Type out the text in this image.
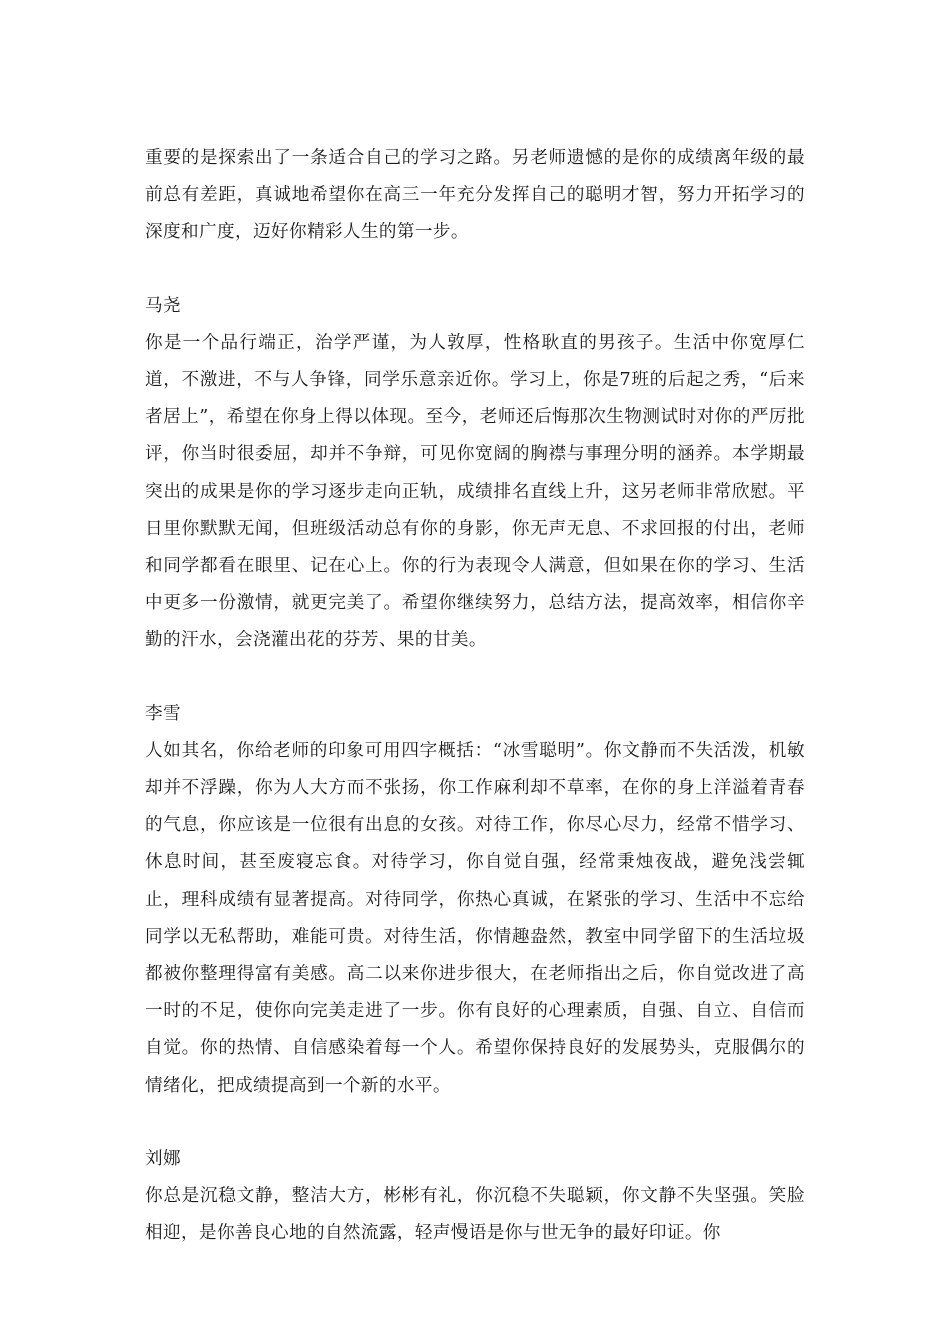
重要的是探索出了一条适合自己的学习之路。另老师遗憾的是你的成绩离年级的最前总有差距，真诚地希望你在高三一年充分发挥自己的聪明才智，努力开拓学习的深度和广度，迈好你精彩人生的第一步。

马尧

你是一个品行端正，治学严谨，为人敦厚，性格耿直的男孩子。生活中你宽厚仁道，不激进，不与人争锋，同学乐意亲近你。学习上，你是7班的后起之秀，“后来者居上”，希望在你身上得以体现。至今，老师还后悔那次生物测试时对你的严厉批评，你当时很委屈，却并不争辩，可见你宽阔的胸襟与事理分明的涵养。本学期最突出的成果是你的学习逐步走向正轨，成绩排名直线上升，这另老师非常欣慰。平日里你默默无闻，但班级活动总有你的身影，你无声无息、不求回报的付出，老师和同学都看在眼里、记在心上。你的行为表现令人满意，但如果在你的学习、生活中更多一份激情，就更完美了。希望你继续努力，总结方法，提高效率，相信你辛勤的汗水，会浇灌出花的芬芳、果的甘美。

李雪

人如其名，你给老师的印象可用四字概括：“冰雪聪明”。你文静而不失活泼，机敏却并不浮躁，你为人大方而不张扬，你工作麻利却不草率，在你的身上洋溢着青春的气息，你应该是一位很有出息的女孩。对待工作，你尽心尽力，经常不惜学习、休息时间，甚至废寝忘食。对待学习，你自觉自强，经常秉烛夜战，避免浅尝辄止，理科成绩有显著提高。对待同学，你热心真诚，在紧张的学习、生活中不忘给同学以无私帮助，难能可贵。对待生活，你情趣盎然，教室中同学留下的生活垃圾都被你整理得富有美感。高二以来你进步很大，在老师指出之后，你自觉改进了高一时的不足，使你向完美走进了一步。你有良好的心理素质，自强、自立、自信而自觉。你的热情、自信感染着每一个人。希望你保持良好的发展势头，克服偶尔的情绪化，把成绩提高到一个新的水平。

刘娜

你总是沉稳文静，整洁大方，彬彬有礼，你沉稳不失聪颖，你文静不失坚强。笑脸相迎，是你善良心地的自然流露，轻声慢语是你与世无争的最好印证。你
